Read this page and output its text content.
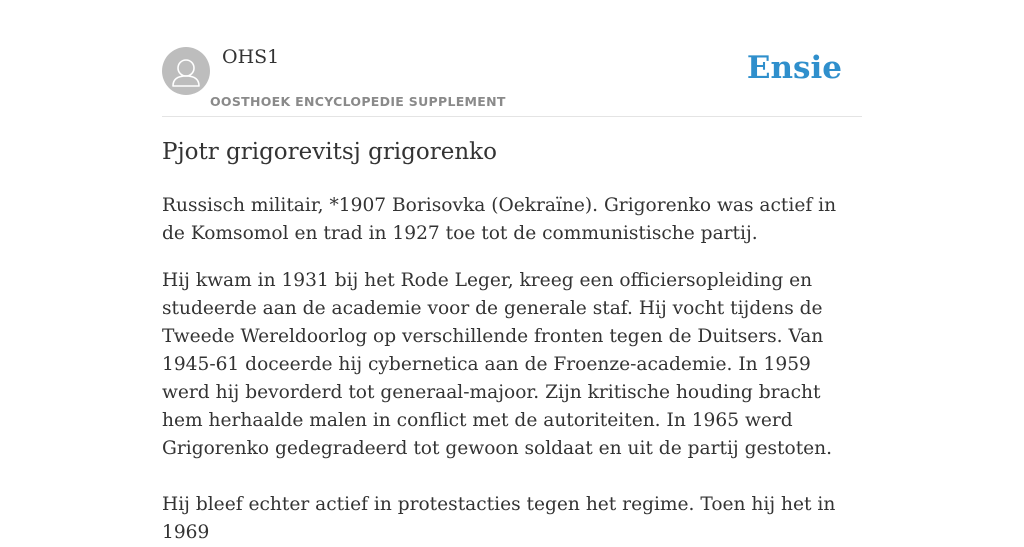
OHS1
OOSTHOEK ENCYCLOPEDIE SUPPLEMENT
Ensie
Pjotr grigorevitsj grigorenko

Russisch militair, *1907 Borisovka (Oekraïne). Grigorenko was actief in de Komsomol en trad in 1927 toe tot de communistische partij.

Hij kwam in 1931 bij het Rode Leger, kreeg een officiersopleiding en studeerde aan de academie voor de generale staf. Hij vocht tijdens de Tweede Wereldoorlog op verschillende fronten tegen de Duitsers. Van 1945-61 doceerde hij cybernetica aan de Froenze-academie. In 1959 werd hij bevorderd tot generaal-majoor. Zijn kritische houding bracht hem herhaalde malen in conflict met de autoriteiten. In 1965 werd Grigorenko gedegradeerd tot gewoon soldaat en uit de partij gestoten.

Hij bleef echter actief in protestacties tegen het regime. Toen hij het in 1969
